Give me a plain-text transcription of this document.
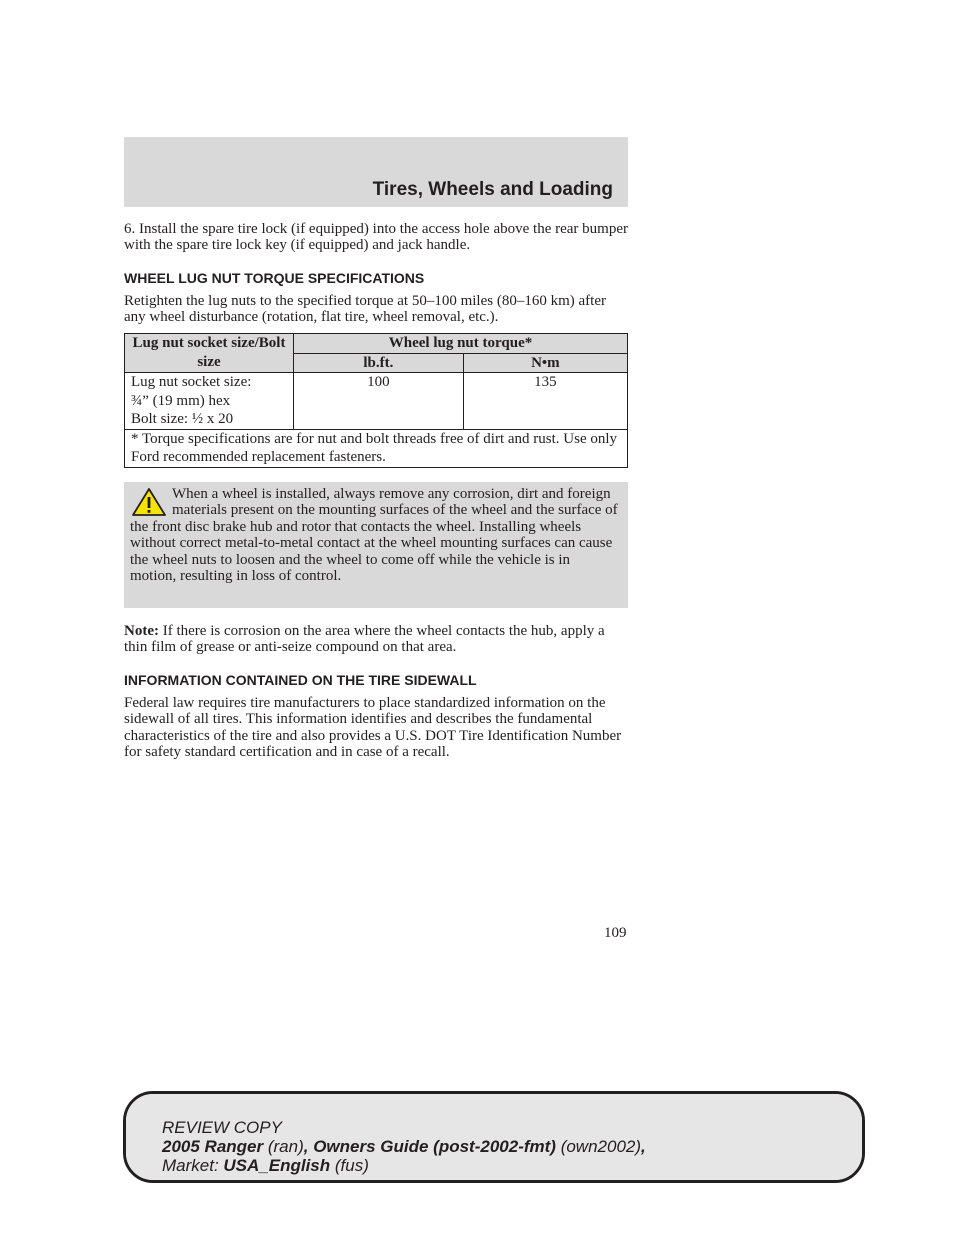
Tires, Wheels and Loading

6. Install the spare tire lock (if equipped) into the access hole above the rear bumper with the spare tire lock key (if equipped) and jack handle.

WHEEL LUG NUT TORQUE SPECIFICATIONS

Retighten the lug nuts to the specified torque at 50–100 miles (80–160 km) after any wheel disturbance (rotation, flat tire, wheel removal, etc.).

Lug nut socket size/Bolt size	Wheel lug nut torque*	
	lb.ft.	N•m

Lug nut socket size:
¾” (19 mm) hex
Bolt size: ½ x 20	100	135
* Torque specifications are for nut and bolt threads free of dirt and rust. Use only Ford recommended replacement fasteners.		

When a wheel is installed, always remove any corrosion, dirt and foreign materials present on the mounting surfaces of the wheel and the surface of the front disc brake hub and rotor that contacts the wheel. Installing wheels without correct metal-to-metal contact at the wheel mounting surfaces can cause the wheel nuts to loosen and the wheel to come off while the vehicle is in motion, resulting in loss of control.

Note: If there is corrosion on the area where the wheel contacts the hub, apply a thin film of grease or anti-seize compound on that area.

INFORMATION CONTAINED ON THE TIRE SIDEWALL

Federal law requires tire manufacturers to place standardized information on the sidewall of all tires. This information identifies and describes the fundamental characteristics of the tire and also provides a U.S. DOT Tire Identification Number for safety standard certification and in case of a recall.

109
REVIEW COPY
2005 Ranger (ran), Owners Guide (post-2002-fmt) (own2002),
Market: USA_English (fus)
